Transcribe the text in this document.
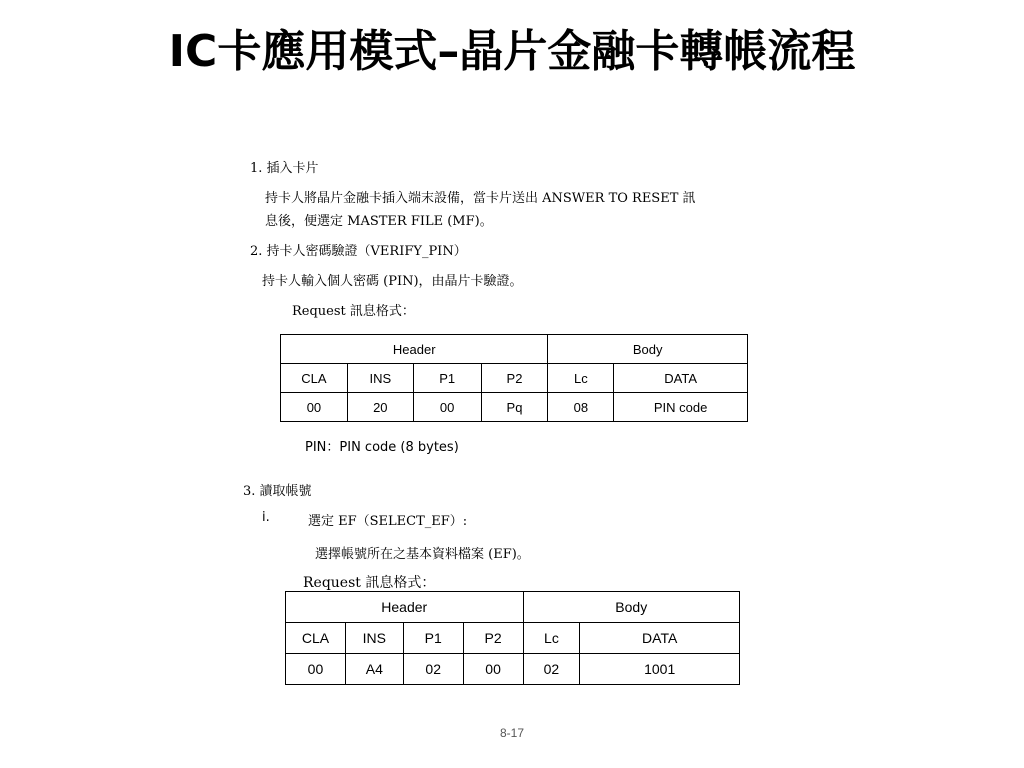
IC卡應用模式–晶片金融卡轉帳流程
1. 插入卡片
持卡人將晶片金融卡插入端末設備，當卡片送出 ANSWER TO RESET 訊
息後，便選定 MASTER FILE (MF)。
2. 持卡人密碼驗證（VERIFY_PIN）
持卡人輸入個人密碼 (PIN)，由晶片卡驗證。
Request 訊息格式：
Header				Body	
CLA	INS	P1	P2	Lc	DATA
00	20	00	Pq	08	PIN code
PIN：PIN code (8 bytes)
3. 讀取帳號
i.	選定 EF（SELECT_EF）:
選擇帳號所在之基本資料檔案 (EF)。
Request 訊息格式：
Header				Body	
CLA	INS	P1	P2	Lc	DATA
00	A4	02	00	02	1001
8-17
